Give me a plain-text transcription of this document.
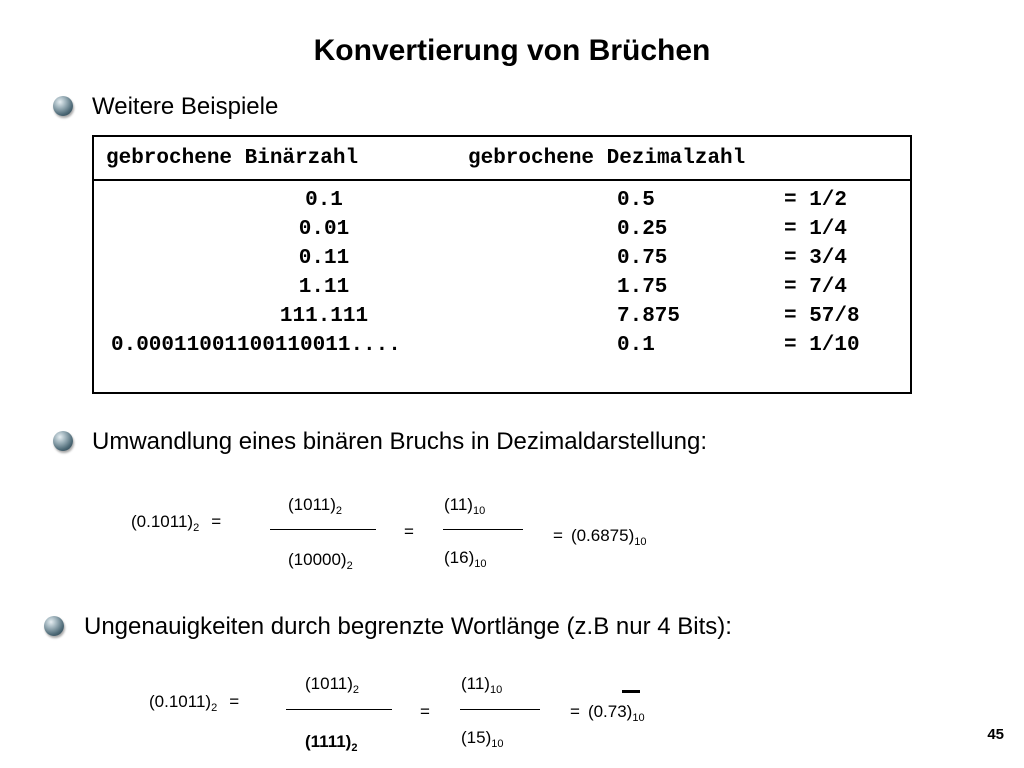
Konvertierung von Brüchen
Weitere Beispiele
gebrochene Binärzahl	gebrochene Dezimalzahl
0.1	0.5	= 1/2
0.01	0.25	= 1/4
0.11	0.75	= 3/4
1.11	1.75	= 7/4
111.111	7.875	= 57/8
0.00011001100110011....	0.1	= 1/10
Umwandlung eines binären Bruchs in Dezimaldarstellung:
$(0.1011)_2$ =
$(1011)_2$
$(10000)_2$
=
$(11)_{10}$
$(16)_{10}$
= $(0.6875)_{10}$
Ungenauigkeiten durch begrenzte Wortlänge (z.B nur 4 Bits):
$(0.1011)_2$ =
$(1011)_2$
$(1111)_2$
=
$(11)_{10}$
$(15)_{10}$
= $(0.73)_{10}$
45
